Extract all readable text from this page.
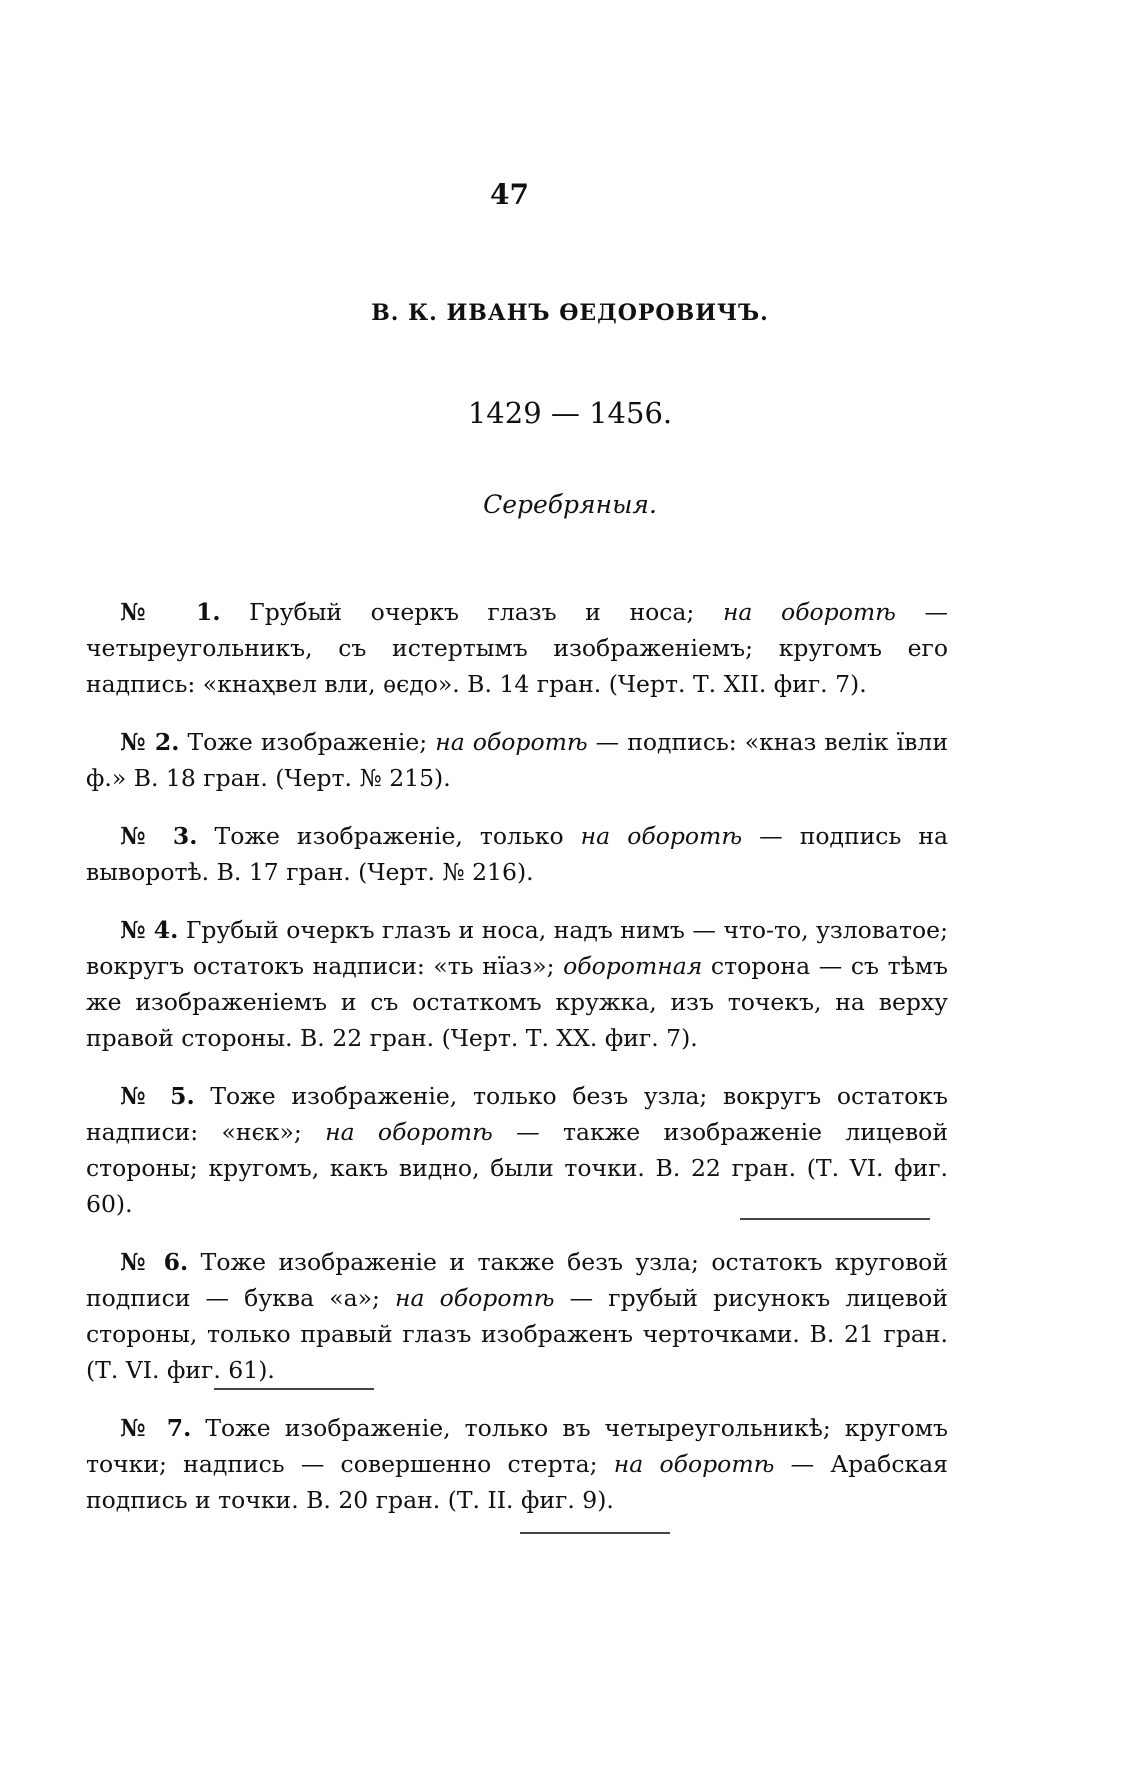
47
В. К. ИВАНЪ ѲЕДОРОВИЧЪ.
1429 — 1456.
Серебряныя.

№ 1. Грубый очеркъ глазъ и носа; на оборотѣ — четыреугольникъ, съ истертымъ изображеніемъ; кругомъ его надпись: «кнаҳвел вли, ѳєдо». В. 14 гран. (Черт. Т. XII. фиг. 7).

№ 2. Тоже изображеніе; на оборотѣ — подпись: «кназ велік ївли ф.» В. 18 гран. (Черт. № 215).

№ 3. Тоже изображеніе, только на оборотѣ — подпись на выворотѣ. В. 17 гран. (Черт. № 216).

№ 4. Грубый очеркъ глазъ и носа, надъ нимъ — что-то, узловатое; вокругъ остатокъ надписи: «ть нїаз»; оборотная сторона — съ тѣмъ же изображеніемъ и съ остаткомъ кружка, изъ точекъ, на верху правой стороны. В. 22 гран. (Черт. Т. XX. фиг. 7).

№ 5. Тоже изображеніе, только безъ узла; вокругъ остатокъ надписи: «нєк»; на оборотѣ — также изображеніе лицевой стороны; кругомъ, какъ видно, были точки. В. 22 гран. (Т. VI. фиг. 60).

№ 6. Тоже изображеніе и также безъ узла; остатокъ круговой подписи — буква «а»; на оборотѣ — грубый рисунокъ лицевой стороны, только правый глазъ изображенъ черточками. В. 21 гран. (Т. VI. фиг. 61).

№ 7. Тоже изображеніе, только въ четыреугольникѣ; кругомъ точки; надпись — совершенно стерта; на оборотѣ — Арабская подпись и точки. В. 20 гран. (Т. II. фиг. 9).
